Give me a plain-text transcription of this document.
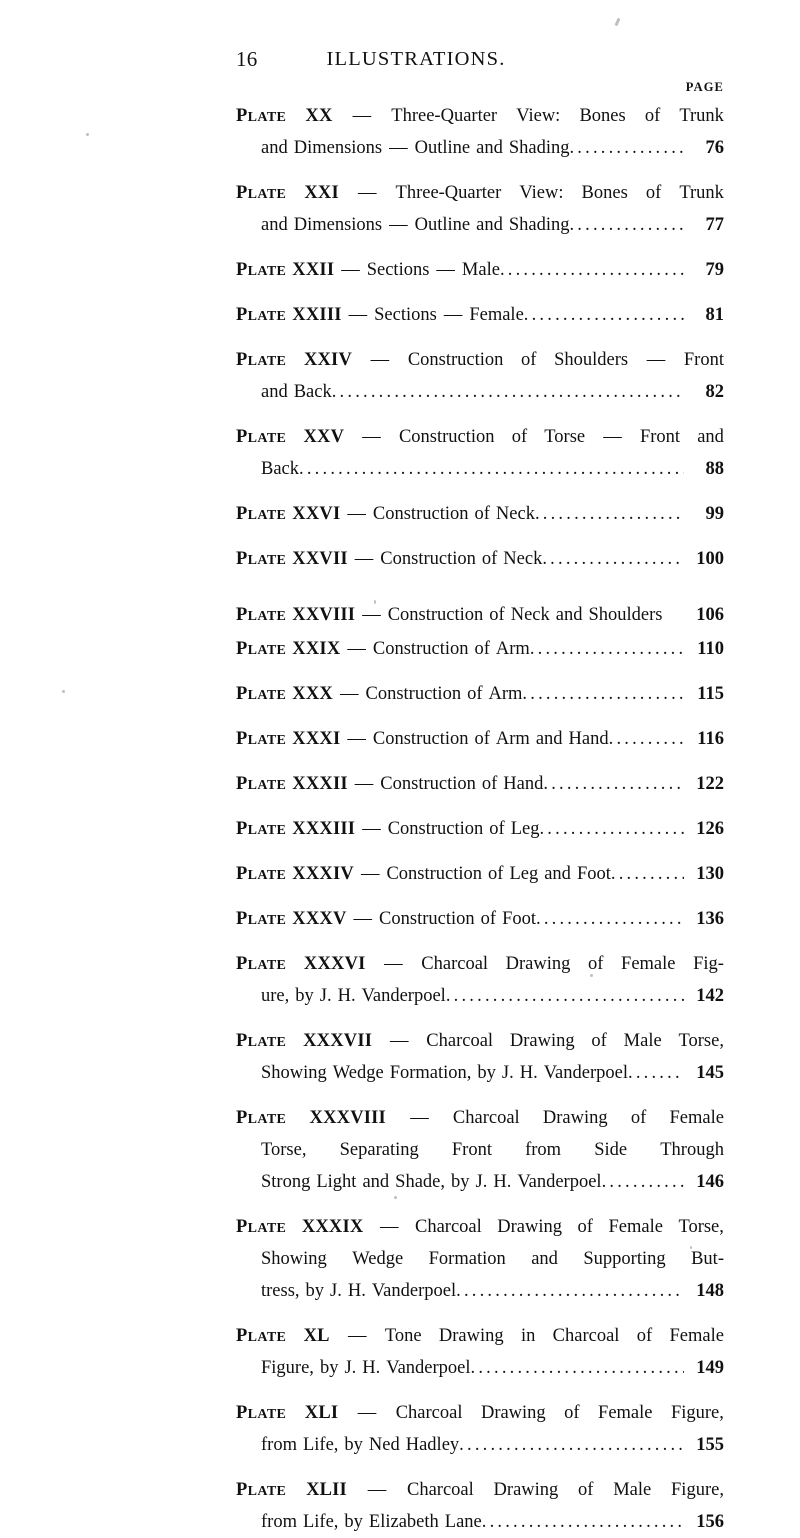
16	ILLUSTRATIONS.
PAGE
PLATE XX — Three-Quarter View: Bones of Trunk
and Dimensions — Outline and Shading .....	76
PLATE XXI — Three-Quarter View: Bones of Trunk
and Dimensions — Outline and Shading .....	77
PLATE XXII — Sections — Male .....	79
PLATE XXIII — Sections — Female .....	81
PLATE XXIV — Construction of Shoulders — Front
and Back .....	82
PLATE XXV — Construction of Torse — Front and
Back .....	88
PLATE XXVI — Construction of Neck .....	99
PLATE XXVII — Construction of Neck .....	100
PLATE XXVIII — Construction of Neck and Shoulders	106
PLATE XXIX — Construction of Arm .....	110
PLATE XXX — Construction of Arm .....	115
PLATE XXXI — Construction of Arm and Hand .....	116
PLATE XXXII — Construction of Hand .....	122
PLATE XXXIII — Construction of Leg .....	126
PLATE XXXIV — Construction of Leg and Foot .....	130
PLATE XXXV — Construction of Foot .....	136
PLATE XXXVI — Charcoal Drawing of Female Fig-
ure, by J. H. Vanderpoel .....	142
PLATE XXXVII — Charcoal Drawing of Male Torse,
Showing Wedge Formation, by J. H. Vanderpoel .....	145
PLATE XXXVIII — Charcoal Drawing of Female
Torse, Separating Front from Side Through
Strong Light and Shade, by J. H. Vanderpoel .....	146
PLATE XXXIX — Charcoal Drawing of Female Torse,
Showing Wedge Formation and Supporting But-
tress, by J. H. Vanderpoel .....	148
PLATE XL — Tone Drawing in Charcoal of Female
Figure, by J. H. Vanderpoel .....	149
PLATE XLI — Charcoal Drawing of Female Figure,
from Life, by Ned Hadley .....	155
PLATE XLII — Charcoal Drawing of Male Figure,
from Life, by Elizabeth Lane .....	156
